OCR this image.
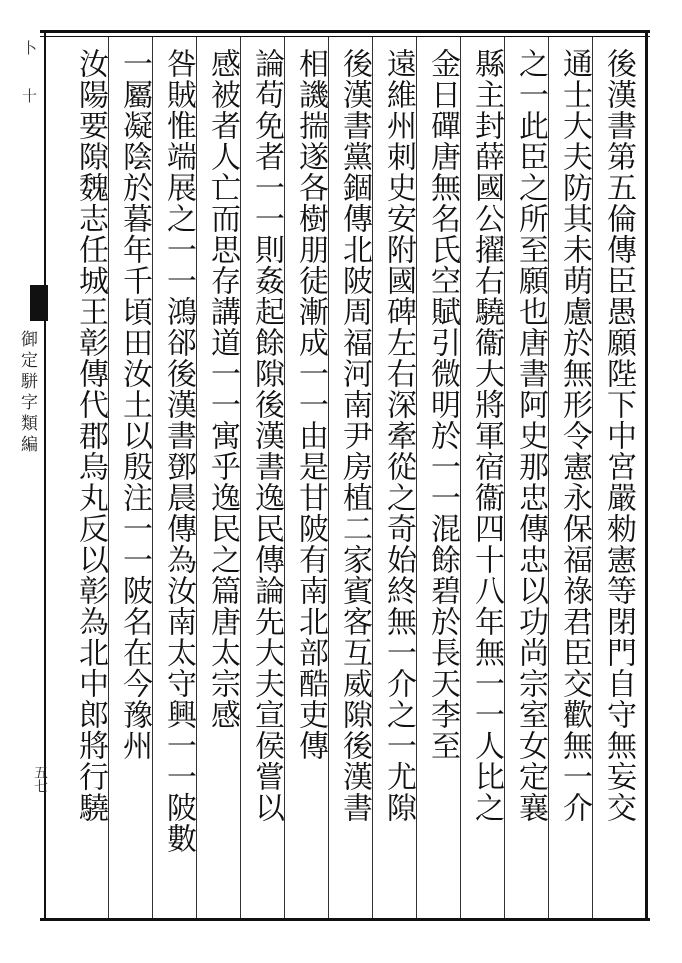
卜 十
御定駢字類編
五七	後漢書第五倫傳臣愚願陛下中宮嚴勑憲等閉門自守無妄交
通士大夫防其未萌慮於無形令憲永保福祿君臣交歡無一介
之一此臣之所至願也唐書阿史那忠傳忠以功尚宗室女定襄
縣主封薛國公擢右驍衞大將軍宿衞四十八年無一一人比之
金日磾唐無名氏空賦引微明於一一混餘碧於長天李至
遠維州刺史安附國碑左右深牽從之奇始終無一介之一尤隙
後漢書黨錮傳北陂周福河南尹房植二家賓客互威隙後漢書
相譏揣遂各樹朋徒漸成一一由是甘陂有南北部酷吏傳
論苟免者一一則姦起餘隙後漢書逸民傳論先大夫宣侯嘗以
感被者人亡而思存講道一一寓乎逸民之篇唐太宗感
咎賊惟端展之一一鴻郤後漢書鄧晨傳為汝南太守興一一陂數
一屬凝陰於暮年千頃田汝土以殷注一一陂名在今豫州
汝陽要隙魏志任城王彰傳代郡烏丸反以彰為北中郎將行驍
